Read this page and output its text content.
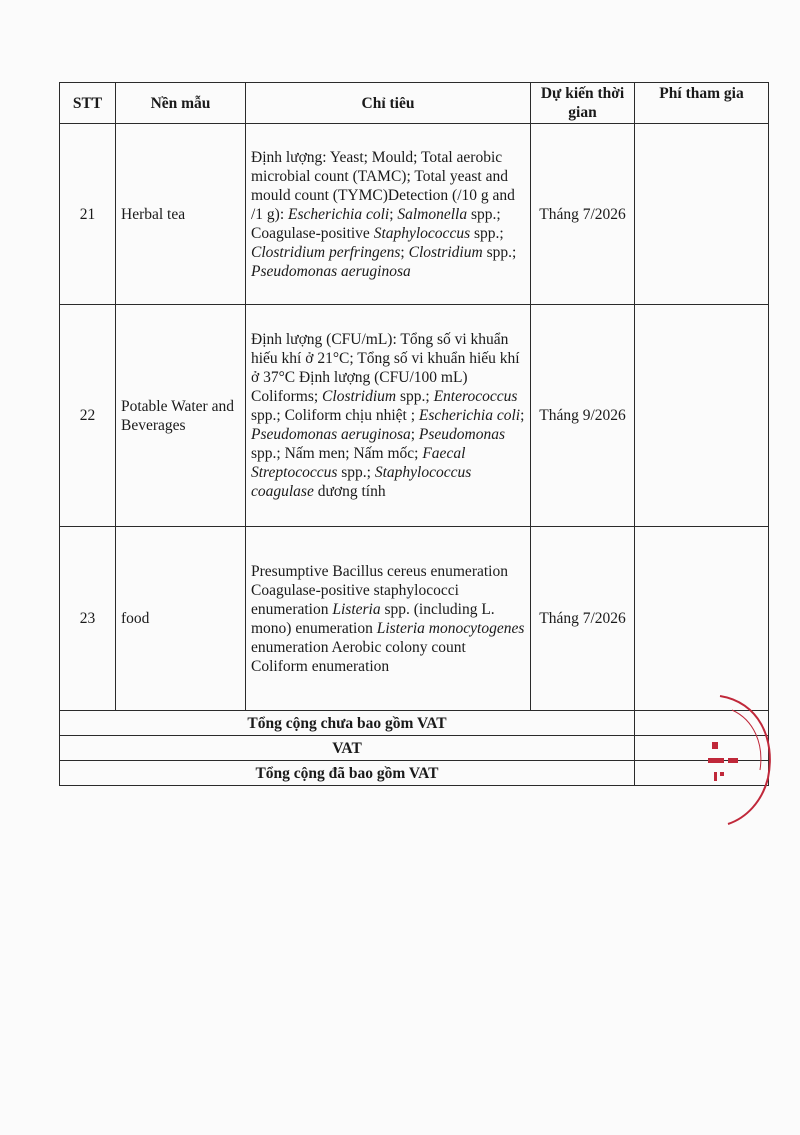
STT	Nền mẫu	Chỉ tiêu	Dự kiến thời gian	Phí tham gia
21	Herbal tea	Định lượng: Yeast; Mould; Total aerobic microbial count (TAMC); Total yeast and mould count (TYMC)Detection (/10 g and /1 g): Escherichia coli; Salmonella spp.; Coagulase-positive Staphylococcus spp.; Clostridium perfringens; Clostridium spp.; Pseudomonas aeruginosa	Tháng 7/2026	
22	Potable Water and Beverages	Định lượng (CFU/mL): Tổng số vi khuẩn hiếu khí ở 21°C; Tổng số vi khuẩn hiếu khí ở 37°C Định lượng (CFU/100 mL) Coliforms; Clostridium spp.; Enterococcus spp.; Coliform chịu nhiệt ; Escherichia coli; Pseudomonas aeruginosa; Pseudomonas spp.; Nấm men; Nấm mốc; Faecal Streptococcus spp.; Staphylococcus coagulase dương tính	Tháng 9/2026	
23	food	Presumptive Bacillus cereus enumeration Coagulase-positive staphylococci enumeration Listeria spp. (including L. mono) enumeration Listeria monocytogenes enumeration Aerobic colony count Coliform enumeration	Tháng 7/2026	
Tổng cộng chưa bao gồm VAT				
VAT				
Tổng cộng đã bao gồm VAT				
